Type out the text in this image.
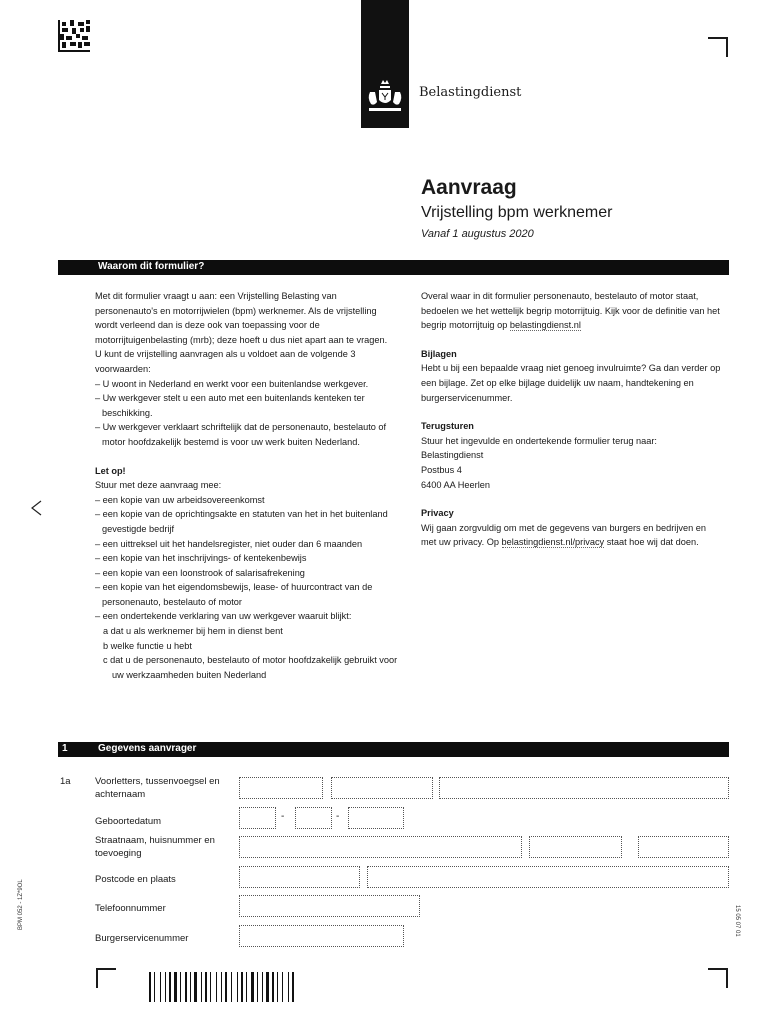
Belastingdienst
Aanvraag
Vrijstelling bpm werknemer
Vanaf 1 augustus 2020
Waarom dit formulier?

Met dit formulier vraagt u aan: een Vrijstelling Belasting van personenauto's en motorrijwielen (bpm) werknemer. Als de vrijstelling wordt verleend dan is deze ook van toepassing voor de motorrijtuigenbelasting (mrb); deze hoeft u dus niet apart aan te vragen.

U kunt de vrijstelling aanvragen als u voldoet aan de volgende 3 voorwaarden:

– U woont in Nederland en werkt voor een buitenlandse werkgever.

– Uw werkgever stelt u een auto met een buitenlands kenteken ter beschikking.

– Uw werkgever verklaart schriftelijk dat de personenauto, bestelauto of motor hoofdzakelijk bestemd is voor uw werk buiten Nederland.

Let op!

Stuur met deze aanvraag mee:

– een kopie van uw arbeidsovereenkomst

– een kopie van de oprichtingsakte en statuten van het in het buitenland gevestigde bedrijf

– een uittreksel uit het handelsregister, niet ouder dan 6 maanden

– een kopie van het inschrijvings- of kentekenbewijs

– een kopie van een loonstrook of salarisafrekening

– een kopie van het eigendomsbewijs, lease- of huurcontract van de personenauto, bestelauto of motor

– een ondertekende verklaring van uw werkgever waaruit blijkt:

a dat u als werknemer bij hem in dienst bent

b welke functie u hebt

c dat u de personenauto, bestelauto of motor hoofdzakelijk gebruikt voor uw werkzaamheden buiten Nederland

Overal waar in dit formulier personenauto, bestelauto of motor staat, bedoelen we het wettelijk begrip motorrijtuig. Kijk voor de definitie van het begrip motorrijtuig op belastingdienst.nl

Bijlagen

Hebt u bij een bepaalde vraag niet genoeg invulruimte? Ga dan verder op een bijlage. Zet op elke bijlage duidelijk uw naam, handtekening en burgerservicenummer.

Terugsturen

Stuur het ingevulde en ondertekende formulier terug naar:

Belastingdienst

Postbus 4

6400 AA Heerlen

Privacy

Wij gaan zorgvuldig om met de gegevens van burgers en bedrijven en met uw privacy. Op belastingdienst.nl/privacy staat hoe wij dat doen.

1	Gegevens aanvrager
1a	Voorletters, tussenvoegsel en achternaam
Geboortedatum
Straatnaam, huisnummer en toevoeging
Postcode en plaats
Telefoonnummer
Burgerservicenummer
-	-
BPM 052 - 1Z*9OL	15 05 07 01
